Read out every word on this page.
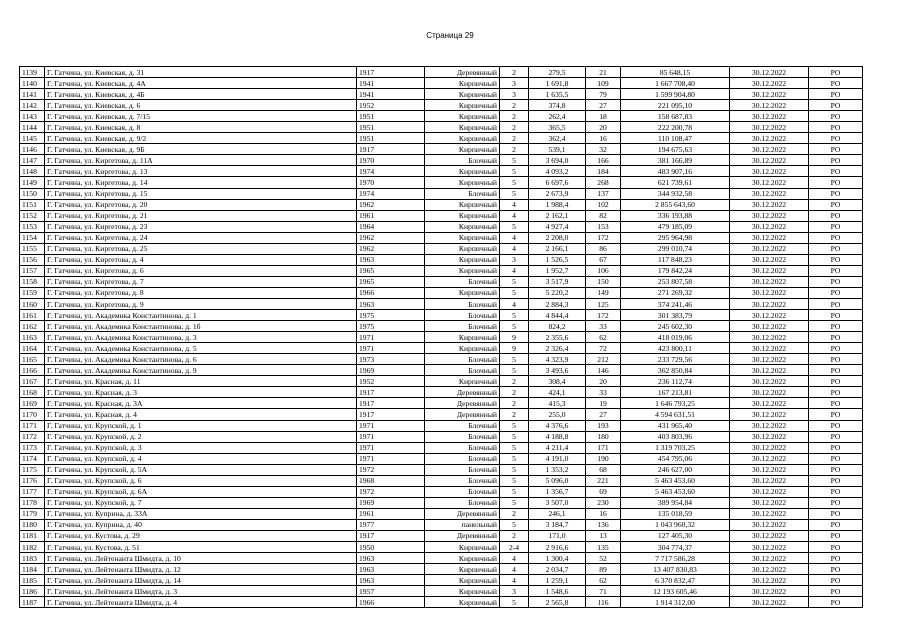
Страница 29
1139	Г. Гатчина, ул. Киевская, д. 31	1917	Деревянный	2	279,5	21	85 648,15	30.12.2022	РО
1140	Г. Гатчина, ул. Киевская, д. 4А	1941	Кирпичный	3	1 691,8	109	1 667 708,40	30.12.2022	РО
1141	Г. Гатчина, ул. Киевская, д. 4Б	1941	Кирпичный	3	1 635,5	79	1 599 904,80	30.12.2022	РО
1142	Г. Гатчина, ул. Киевская, д. 6	1952	Кирпичный	2	374,8	27	221 095,10	30.12.2022	РО
1143	Г. Гатчина, ул. Киевская, д. 7/15	1951	Кирпичный	2	262,4	18	158 687,83	30.12.2022	РО
1144	Г. Гатчина, ул. Киевская, д. 8	1951	Кирпичный	2	365,5	20	222 200,78	30.12.2022	РО
1145	Г. Гатчина, ул. Киевская, д. 9/2	1951	Кирпичный	2	362,4	16	110 108,47	30.12.2022	РО
1146	Г. Гатчина, ул. Киевская, д. 9Б	1917	Кирпичный	2	539,1	32	194 675,63	30.12.2022	РО
1147	Г. Гатчина, ул. Киргетова, д. 11А	1970	Блочный	5	3 694,0	166	381 166,89	30.12.2022	РО
1148	Г. Гатчина, ул. Киргетова, д. 13	1974	Кирпичный	5	4 093,2	184	483 907,16	30.12.2022	РО
1149	Г. Гатчина, ул. Киргетова, д. 14	1970	Кирпичный	5	6 697,6	268	621 739,61	30.12.2022	РО
1150	Г. Гатчина, ул. Киргетова, д. 15	1974	Блочный	5	2 673,9	137	344 932,58	30.12.2022	РО
1151	Г. Гатчина, ул. Киргетова, д. 20	1962	Кирпичный	4	1 988,4	102	2 855 643,60	30.12.2022	РО
1152	Г. Гатчина, ул. Киргетова, д. 21	1961	Кирпичный	4	2 162,1	82	336 193,88	30.12.2022	РО
1153	Г. Гатчина, ул. Киргетова, д. 23	1964	Кирпичный	5	4 927,4	153	479 185,09	30.12.2022	РО
1154	Г. Гатчина, ул. Киргетова, д. 24	1962	Кирпичный	4	2 208,0	172	295 964,98	30.12.2022	РО
1155	Г. Гатчина, ул. Киргетова, д. 25	1962	Кирпичный	4	2 166,1	86	299 010,74	30.12.2022	РО
1156	Г. Гатчина, ул. Киргетова, д. 4	1963	Кирпичный	3	1 526,5	67	117 848,23	30.12.2022	РО
1157	Г. Гатчина, ул. Киргетова, д. 6	1965	Кирпичный	4	1 952,7	106	179 842,24	30.12.2022	РО
1158	Г. Гатчина, ул. Киргетова, д. 7	1965	Блочный	5	3 517,9	150	253 807,58	30.12.2022	РО
1159	Г. Гатчина, ул. Киргетова, д. 8	1966	Кирпичный	5	5 220,2	149	271 269,32	30.12.2022	РО
1160	Г. Гатчина, ул. Киргетова, д. 9	1963	Блочный	4	2 884,3	125	374 241,46	30.12.2022	РО
1161	Г. Гатчина, ул. Академика Константинова, д. 1	1975	Блочный	5	4 844,4	172	301 383,79	30.12.2022	РО
1162	Г. Гатчина, ул. Академика Константинова, д. 1б	1975	Блочный	5	824,2	33	245 602,30	30.12.2022	РО
1163	Г. Гатчина, ул. Академика Константинова, д. 3	1971	Кирпичный	9	2 355,6	62	418 019,06	30.12.2022	РО
1164	Г. Гатчина, ул. Академика Константинова, д. 5	1971	Кирпичный	9	2 326,4	72	423 800,11	30.12.2022	РО
1165	Г. Гатчина, ул. Академика Константинова, д. 6	1973	Блочный	5	4 323,9	212	233 729,56	30.12.2022	РО
1166	Г. Гатчина, ул. Академика Константинова, д. 9	1969	Блочный	5	3 493,6	146	362 850,84	30.12.2022	РО
1167	Г. Гатчина, ул. Красная, д. 11	1952	Кирпичный	2	308,4	20	236 112,74	30.12.2022	РО
1168	Г. Гатчина, ул. Красная, д. 3	1917	Деревянный	2	424,1	33	167 213,81	30.12.2022	РО
1169	Г. Гатчина, ул. Красная, д. 3А	1917	Деревянный	2	415,3	19	1 646 793,25	30.12.2022	РО
1170	Г. Гатчина, ул. Красная, д. 4	1917	Деревянный	2	255,0	27	4 594 631,51	30.12.2022	РО
1171	Г. Гатчина, ул. Крупской, д. 1	1971	Блочный	5	4 376,6	193	431 965,40	30.12.2022	РО
1172	Г. Гатчина, ул. Крупской, д. 2	1971	Блочный	5	4 188,8	180	403 803,96	30.12.2022	РО
1173	Г. Гатчина, ул. Крупской, д. 3	1971	Блочный	5	4 211,4	171	1 319 703,25	30.12.2022	РО
1174	Г. Гатчина, ул. Крупской, д. 4	1971	Блочный	5	4 191,0	190	454 795,06	30.12.2022	РО
1175	Г. Гатчина, ул. Крупской, д. 5А	1972	Блочный	5	1 353,2	68	246 627,00	30.12.2022	РО
1176	Г. Гатчина, ул. Крупской, д. 6	1968	Блочный	5	5 096,0	221	5 463 453,60	30.12.2022	РО
1177	Г. Гатчина, ул. Крупской, д. 6А	1972	Блочный	5	1 356,7	69	5 463 453,60	30.12.2022	РО
1178	Г. Гатчина, ул. Крупской, д. 7	1969	Блочный	5	3 507,0	230	389 954,84	30.12.2022	РО
1179	Г. Гатчина, ул. Куприна, д. 33А	1961	Деревянный	2	246,1	16	135 018,59	30.12.2022	РО
1180	Г. Гатчина, ул. Куприна, д. 40	1977	панельный	5	3 184,7	136	1 043 960,32	30.12.2022	РО
1181	Г. Гатчина, ул. Кустова, д. 29	1917	Деревянный	2	171,0	13	127 405,30	30.12.2022	РО
1182	Г. Гатчина, ул. Кустова, д. 51	1950	Кирпичный	2-4	2 916,6	135	304 774,37	30.12.2022	РО
1183	Г. Гатчина, ул. Лейтенанта Шмидта, д. 10	1963	Кирпичный	4	1 300,4	52	7 717 586,28	30.12.2022	РО
1184	Г. Гатчина, ул. Лейтенанта Шмидта, д. 12	1963	Кирпичный	4	2 034,7	89	13 407 830,83	30.12.2022	РО
1185	Г. Гатчина, ул. Лейтенанта Шмидта, д. 14	1963	Кирпичный	4	1 259,1	62	6 370 832,47	30.12.2022	РО
1186	Г. Гатчина, ул. Лейтенанта Шмидта, д. 3	1957	Кирпичный	3	1 548,6	71	12 193 605,46	30.12.2022	РО
1187	Г. Гатчина, ул. Лейтенанта Шмидта, д. 4	1966	Кирпичный	5	2 565,8	116	1 914 312,00	30.12.2022	РО
